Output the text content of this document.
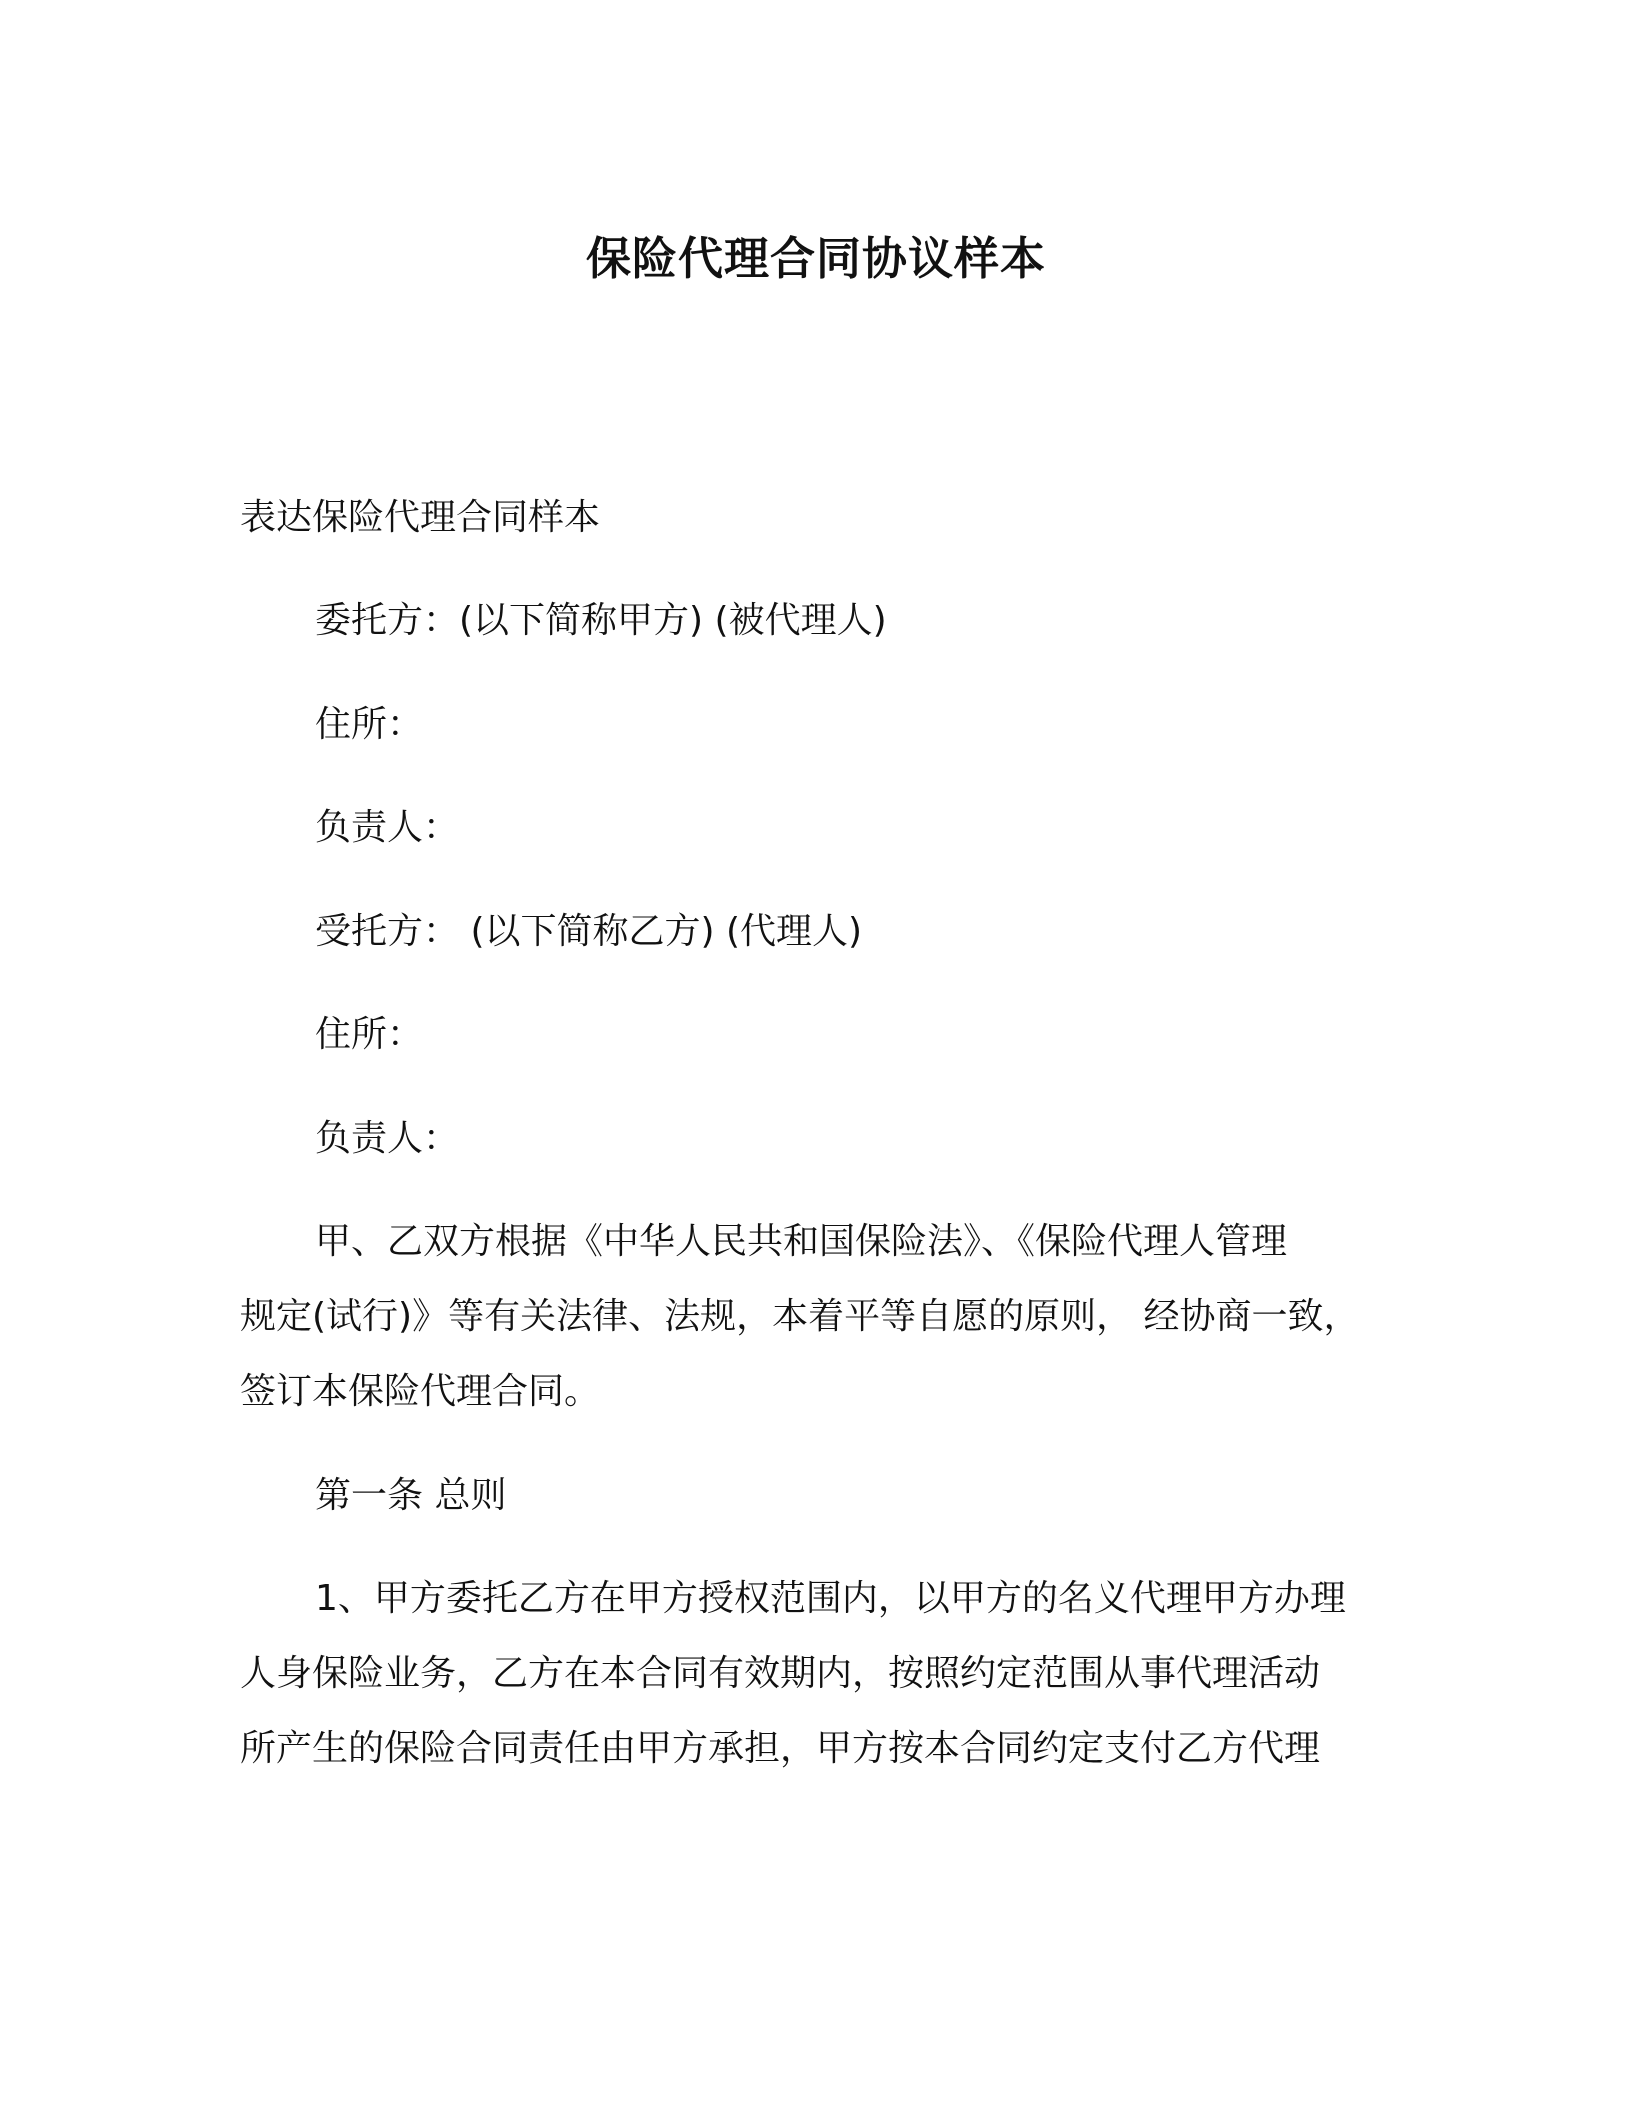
保险代理合同协议样本
表达保险代理合同样本
委托方：(以下简称甲方) (被代理人)
住所：
负责人：
受托方： (以下简称乙方) (代理人)
住所：
负责人：
甲、乙双方根据《中华人民共和国保险法》、《保险代理人管理
规定(试行)》等有关法律、法规，本着平等自愿的原则， 经协商一致，
签订本保险代理合同。
第一条 总则
1、甲方委托乙方在甲方授权范围内，以甲方的名义代理甲方办理
人身保险业务，乙方在本合同有效期内，按照约定范围从事代理活动
所产生的保险合同责任由甲方承担，甲方按本合同约定支付乙方代理
